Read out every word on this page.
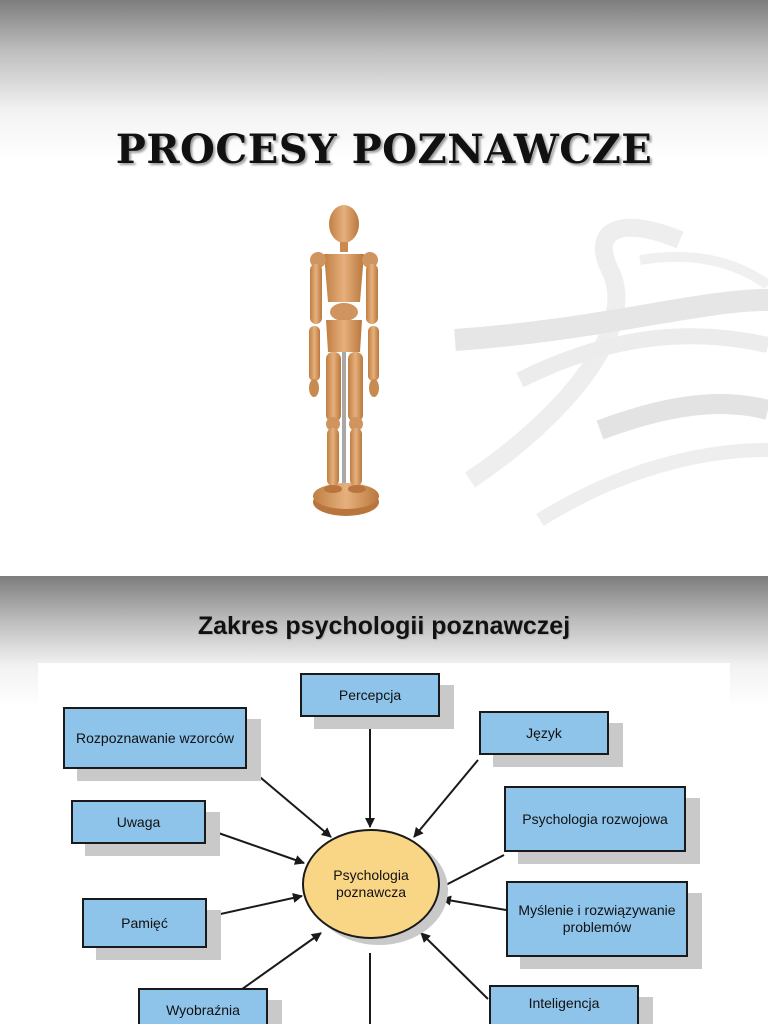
PROCESY POZNAWCZE
Zakres psychologii poznawczej
Percepcja
Rozpoznawanie wzorców	Język
Uwaga	Psychologia rozwojowa
Pamięć
Myślenie i rozwiązywanie problemów
Wyobraźnia	Inteligencja
Psychologia poznawcza
